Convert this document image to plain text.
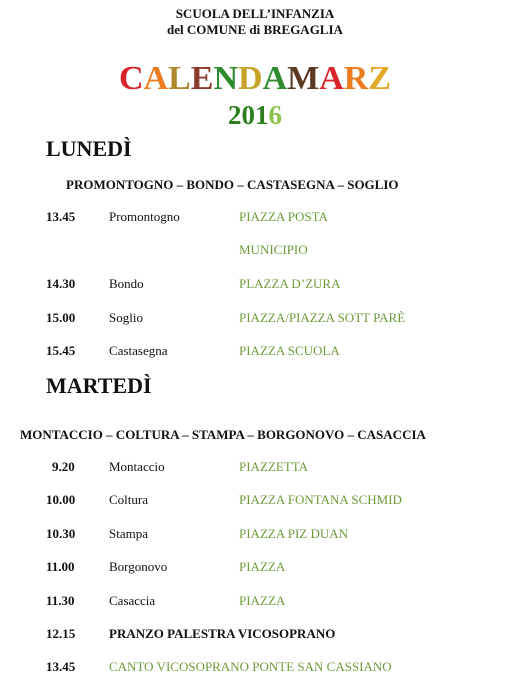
SCUOLA DELL’INFANZIA
del COMUNE di BREGAGLIA
CALENDAMARZ
2016
LUNEDÌ
PROMONTOGNO – BONDO – CASTASEGNA – SOGLIO
13.45	Promontogno	PIAZZA POSTA
MUNICIPIO
14.30	Bondo	PLAZZA D’ZURA
15.00	Soglio	PIAZZA/PIAZZA SOTT PARÈ
15.45	Castasegna	PIAZZA SCUOLA
MARTEDÌ
MONTACCIO – COLTURA – STAMPA – BORGONOVO – CASACCIA
9.20	Montaccio	PIAZZETTA
10.00	Coltura	PIAZZA FONTANA SCHMID
10.30	Stampa	PIAZZA PIZ DUAN
11.00	Borgonovo	PIAZZA
11.30	Casaccia	PIAZZA
12.15	PRANZO PALESTRA VICOSOPRANO
13.45	CANTO VICOSOPRANO PONTE SAN CASSIANO
